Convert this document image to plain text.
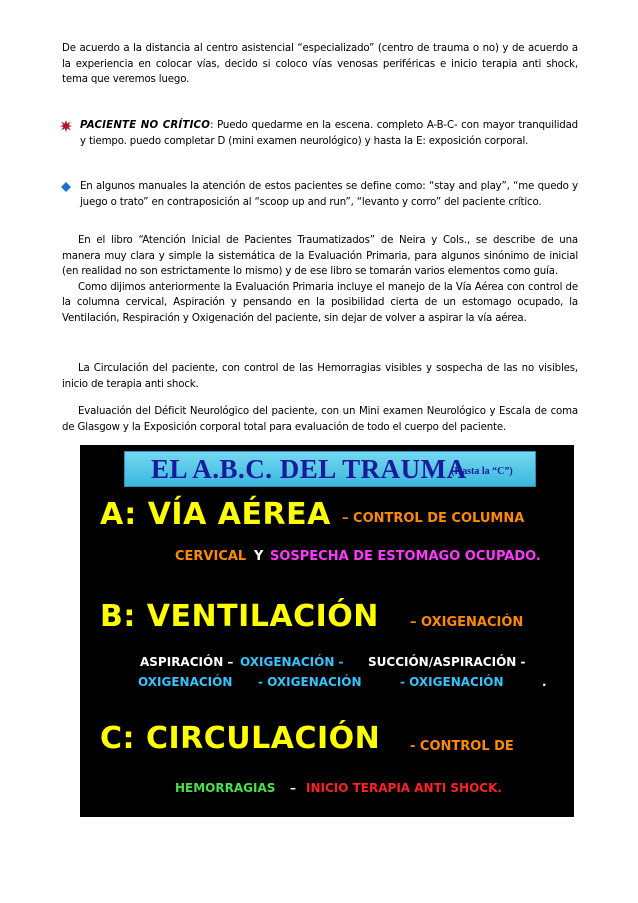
De acuerdo a la distancia al centro asistencial “especializado” (centro de trauma o no) y de acuerdo a la experiencia en colocar vías, decido si coloco vías venosas periféricas e inicio terapia anti shock, tema que veremos luego.

PACIENTE NO CRÍTICO: Puedo quedarme en la escena. completo A-B-C- con mayor tranquilidad y tiempo. puedo completar D (mini examen neurológico) y hasta la E: exposición corporal.
En algunos manuales la atención de estos pacientes se define como: “stay and play”, “me quedo y juego o trato” en contraposición al “scoop up and run”, “levanto y corro” del paciente crítico.

En el libro “Atención Inicial de Pacientes Traumatizados” de Neira y Cols., se describe de una manera muy clara y simple la sistemática de la Evaluación Primaria, para algunos sinónimo de inicial (en realidad no son estrictamente lo mismo) y de ese libro se tomarán varios elementos como guía.

Como dijimos anteriormente la Evaluación Primaria incluye el manejo de la Vía Aérea con control de la columna cervical, Aspiración y pensando en la posibilidad cierta de un estomago ocupado, la Ventilación, Respiración y Oxigenación del paciente, sin dejar de volver a aspirar la vía aérea.

La Circulación del paciente, con control de las Hemorragias visibles y sospecha de las no visibles, inicio de terapia anti shock.

Evaluación del Déficit Neurológico del paciente, con un Mini examen Neurológico y Escala de coma de Glasgow y la Exposición corporal total para evaluación de todo el cuerpo del paciente.

EL A.B.C. DEL TRAUMA
(Hasta la “C”)
A: VÍA AÉREA – CONTROL DE COLUMNA
CERVICAL Y SOSPECHA DE ESTOMAGO OCUPADO.
B: VENTILACIÓN – OXIGENACIÓN
ASPIRACIÓN – OXIGENACIÓN - SUCCIÓN/ASPIRACIÓN -
OXIGENACIÓN - OXIGENACIÓN	- OXIGENACIÓN	.
C: CIRCULACIÓN - CONTROL DE
HEMORRAGIAS – INICIO TERAPIA ANTI SHOCK.
